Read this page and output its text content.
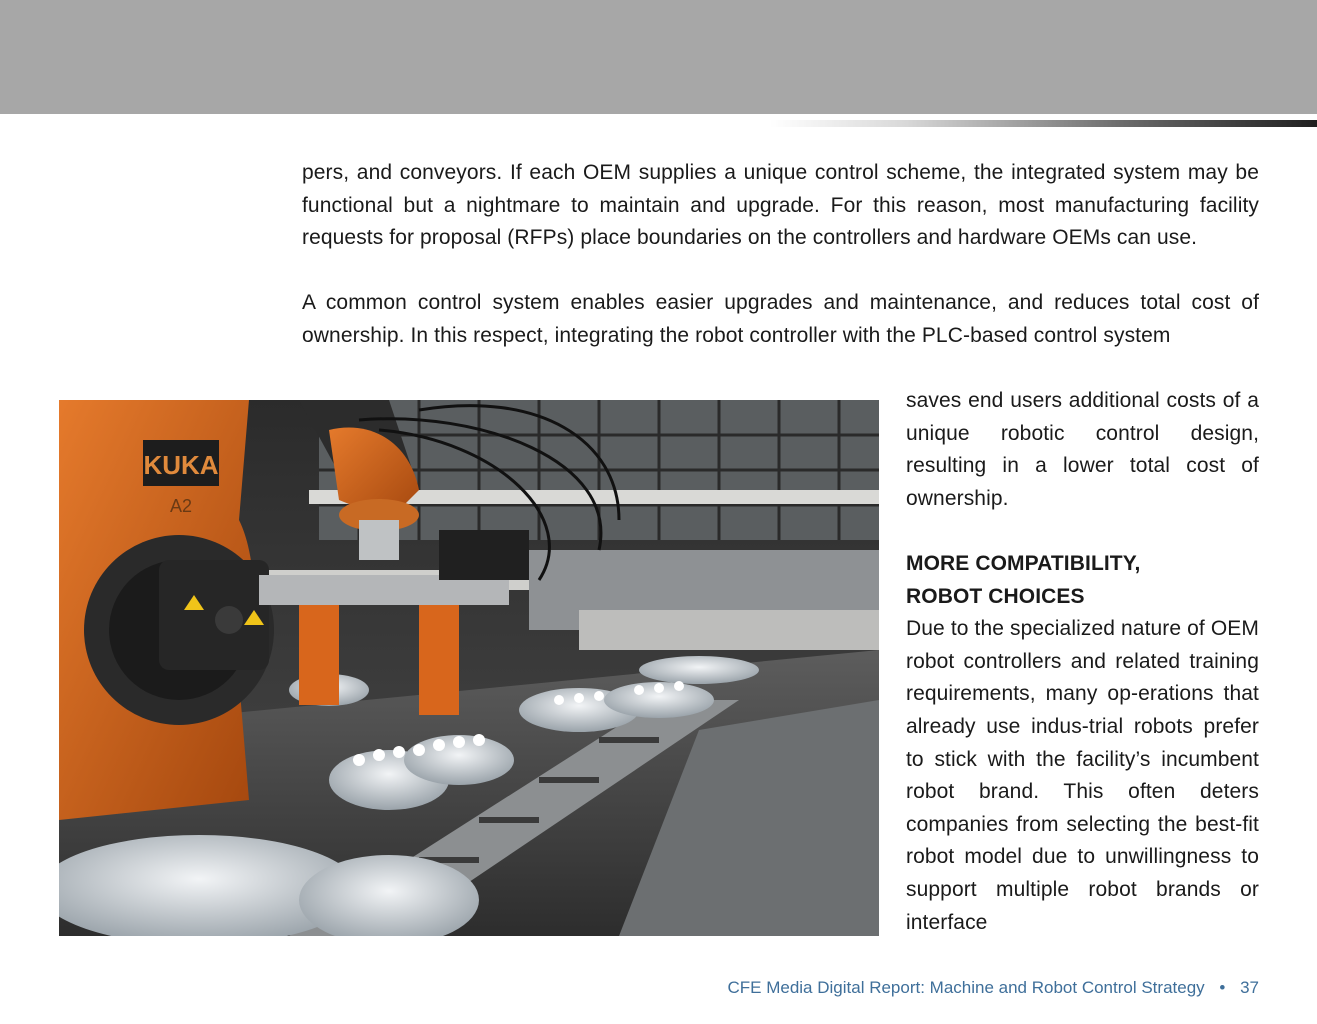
pers, and conveyors. If each OEM supplies a unique control scheme, the integrated system may be functional but a nightmare to maintain and upgrade. For this reason, most manufacturing facility requests for proposal (RFPs) place boundaries on the controllers and hardware OEMs can use.

A common control system enables easier upgrades and maintenance, and reduces total cost of ownership. In this respect, integrating the robot controller with the PLC-based control system

KUKA
A2

saves end users additional costs of a unique robotic control design, resulting in a lower total cost of ownership.

MORE COMPATIBILITY,
ROBOT CHOICES

Due to the specialized nature of OEM robot controllers and related training requirements, many op-erations that already use indus-trial robots prefer to stick with the facility’s incumbent robot brand. This often deters companies from selecting the best-fit robot model due to unwillingness to support multiple robot brands or interface

CFE Media Digital Report: Machine and Robot Control Strategy • 37
